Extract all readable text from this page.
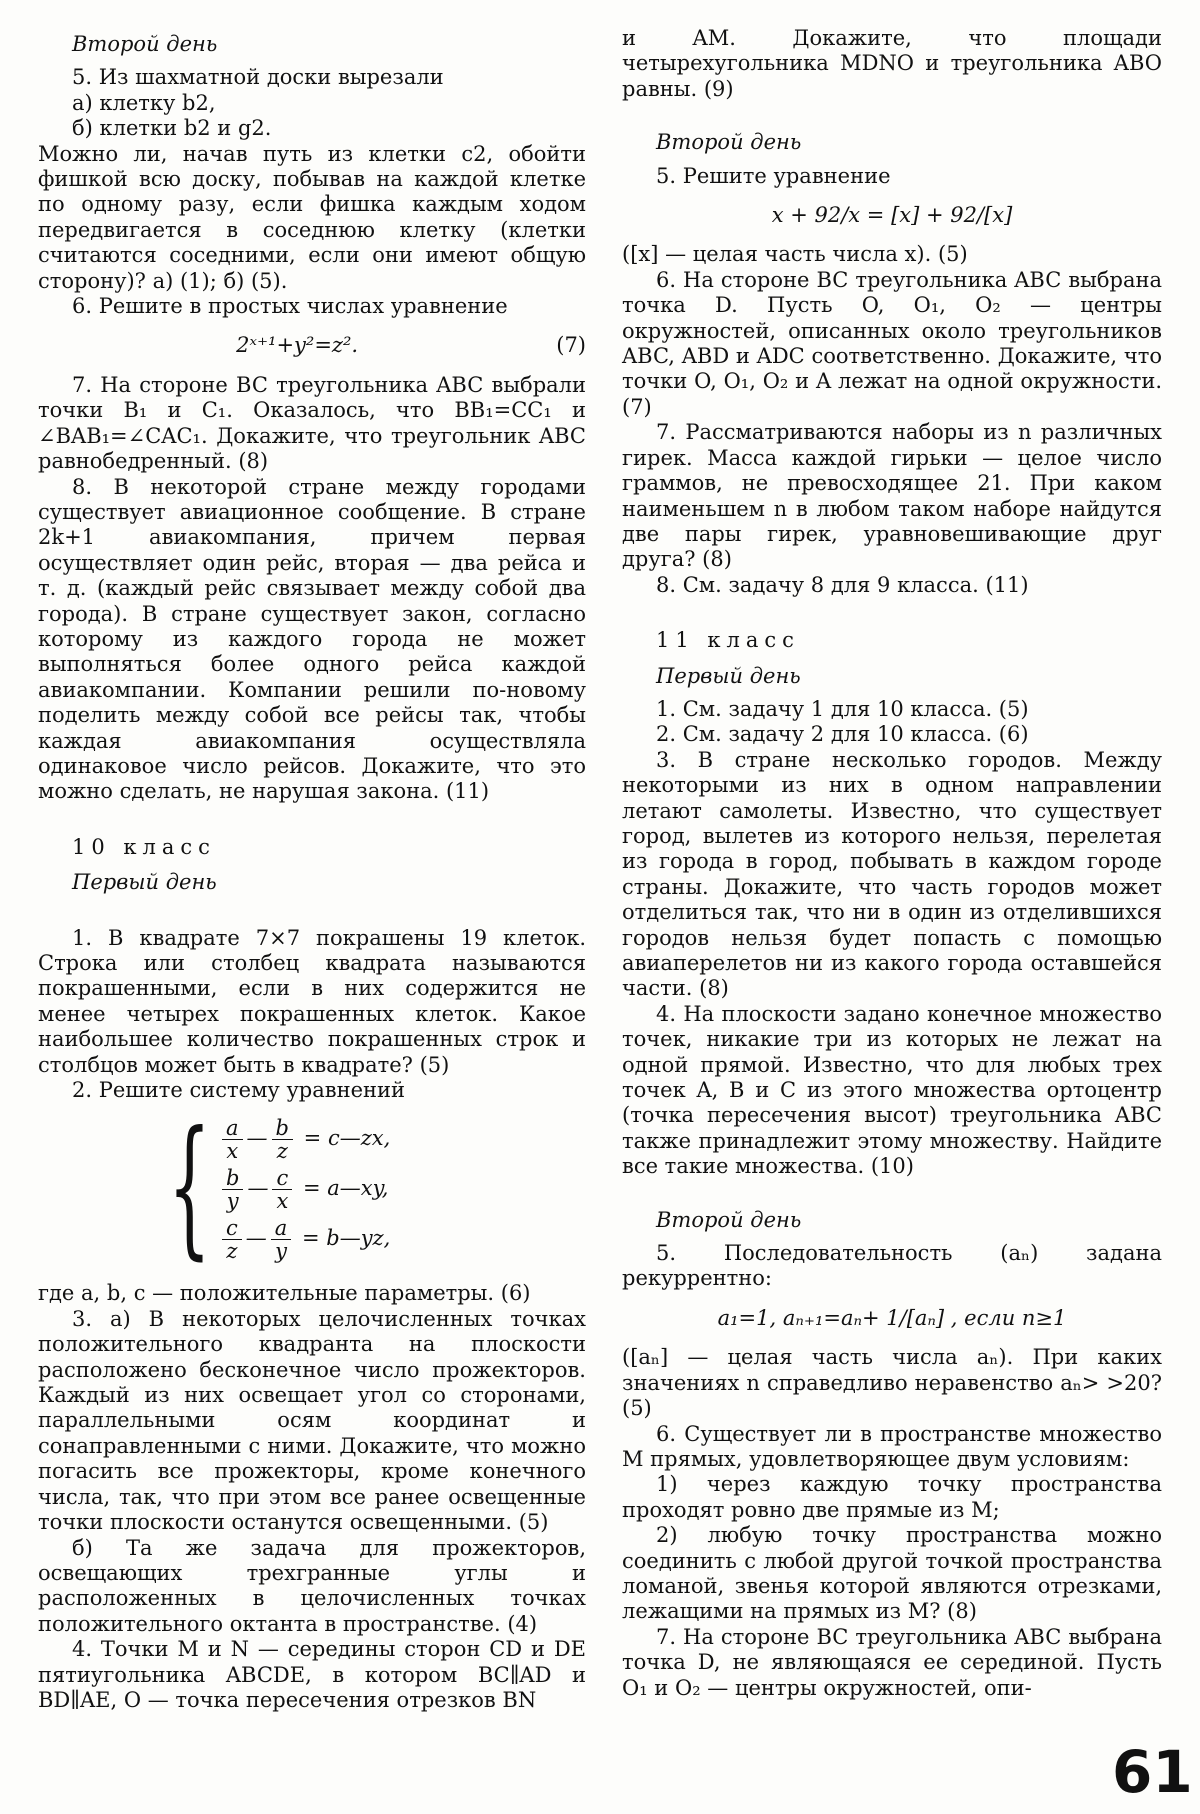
Второй день

5. Из шахматной доски вырезали

а) клетку b2,

б) клетки b2 и g2.

Можно ли, начав путь из клетки c2, обойти фишкой всю доску, побывав на каждой клетке по одному разу, если фишка каждым ходом передвигается в соседнюю клетку (клетки считаются соседними, если они имеют общую сторону)? а) (1); б) (5).

6. Решите в простых числах уравнение

2ˣ⁺¹+y²=z².	(7)

7. На стороне BC треугольника ABC выбрали точки B₁ и C₁. Оказалось, что BB₁=CC₁ и ∠BAB₁=∠CAC₁. Докажите, что треугольник ABC равнобедренный. (8)

8. В некоторой стране между городами существует авиационное сообщение. В стране 2k+1 авиакомпания, причем первая осуществляет один рейс, вторая — два рейса и т. д. (каждый рейс связывает между собой два города). В стране существует закон, согласно которому из каждого города не может выполняться более одного рейса каждой авиакомпании. Компании решили по-новому поделить между собой все рейсы так, чтобы каждая авиакомпания осуществляла одинаковое число рейсов. Докажите, что это можно сделать, не нарушая закона. (11)

10 класс

Первый день

1. В квадрате 7×7 покрашены 19 клеток. Строка или столбец квадрата называются покрашенными, если в них содержится не менее четырех покрашенных клеток. Какое наибольшее количество покрашенных строк и столбцов может быть в квадрате? (5)

2. Решите систему уравнений

{ $\frac{a}{x}$ — $\frac{b}{z}$ = c—zx,
$\frac{b}{y}$ — $\frac{c}{x}$ = a—xy,
$\frac{c}{z}$ — $\frac{a}{y}$ = b—yz,

где a, b, c — положительные параметры. (6)

3. а) В некоторых целочисленных точках положительного квадранта на плоскости расположено бесконечное число прожекторов. Каждый из них освещает угол со сторонами, параллельными осям координат и сонаправленными с ними. Докажите, что можно погасить все прожекторы, кроме конечного числа, так, что при этом все ранее освещенные точки плоскости останутся освещенными. (5)

б) Та же задача для прожекторов, освещающих трехгранные углы и расположенных в целочисленных точках положительного октанта в пространстве. (4)

4. Точки M и N — середины сторон CD и DE пятиугольника ABCDE, в котором BC∥AD и BD∥AE, O — точка пересечения отрезков BN

и AM. Докажите, что площади четырехугольника MDNO и треугольника ABO равны. (9)

Второй день

5. Решите уравнение

x + 92/x = [x] + 92/[x]

([x] — целая часть числа x). (5)

6. На стороне BC треугольника ABC выбрана точка D. Пусть O, O₁, O₂ — центры окружностей, описанных около треугольников ABC, ABD и ADC соответственно. Докажите, что точки O, O₁, O₂ и A лежат на одной окружности. (7)

7. Рассматриваются наборы из n различных гирек. Масса каждой гирьки — целое число граммов, не превосходящее 21. При каком наименьшем n в любом таком наборе найдутся две пары гирек, уравновешивающие друг друга? (8)

8. См. задачу 8 для 9 класса. (11)

11 класс

Первый день

1. См. задачу 1 для 10 класса. (5)

2. См. задачу 2 для 10 класса. (6)

3. В стране несколько городов. Между некоторыми из них в одном направлении летают самолеты. Известно, что существует город, вылетев из которого нельзя, перелетая из города в город, побывать в каждом городе страны. Докажите, что часть городов может отделиться так, что ни в один из отделившихся городов нельзя будет попасть с помощью авиаперелетов ни из какого города оставшейся части. (8)

4. На плоскости задано конечное множество точек, никакие три из которых не лежат на одной прямой. Известно, что для любых трех точек A, B и C из этого множества ортоцентр (точка пересечения высот) треугольника ABC также принадлежит этому множеству. Найдите все такие множества. (10)

Второй день

5. Последовательность (aₙ) задана рекуррентно:

a₁=1, aₙ₊₁=aₙ+ 1/[aₙ] , если n≥1

([aₙ] — целая часть числа aₙ). При каких значениях n справедливо неравенство aₙ> >20? (5)

6. Существует ли в пространстве множество M прямых, удовлетворяющее двум условиям:

1) через каждую точку пространства проходят ровно две прямые из M;

2) любую точку пространства можно соединить с любой другой точкой пространства ломаной, звенья которой являются отрезками, лежащими на прямых из M? (8)

7. На стороне BC треугольника ABC выбрана точка D, не являющаяся ее серединой. Пусть O₁ и O₂ — центры окружностей, опи-

61
